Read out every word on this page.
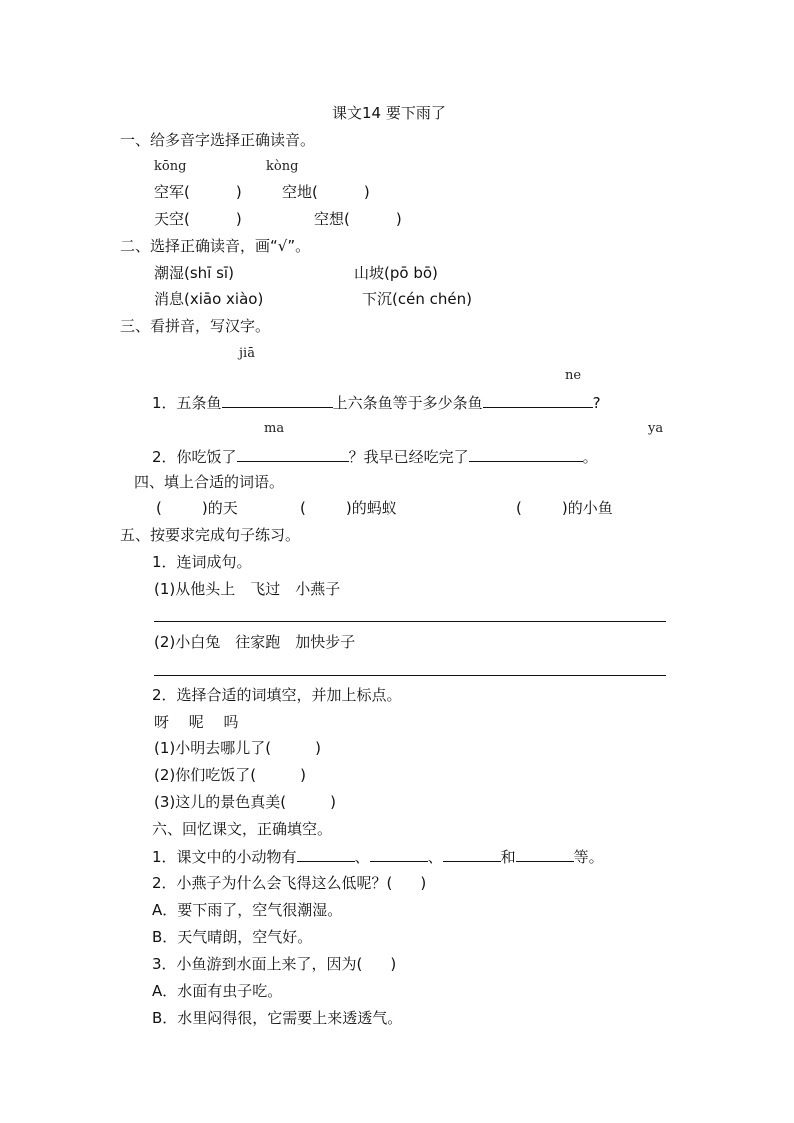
课文14 要下雨了
一、给多音字选择正确读音。
kōng	kòng
空军(	)	空地(	)
天空(	)	空想(	)
二、选择正确读音，画“√”。
潮湿(shī sī)	山坡(pō bō)
消息(xiāo xiào)	下沉(cén chén)
三、看拼音，写汉字。
jiā
ne
1．五条鱼	上六条鱼等于多少条鱼	?
ma	ya
2．你吃饭了	？我早已经吃完了	。
四、填上合适的词语。
(	)的天	(	)的蚂蚁	(	)的小鱼
五、按要求完成句子练习。
1．连词成句。
(1)从他头上　飞过　小燕子
(2)小白兔　往家跑　加快步子
2．选择合适的词填空，并加上标点。
呀　 呢　 吗
(1)小明去哪儿了(	)
(2)你们吃饭了(	)
(3)这儿的景色真美(	)
六、回忆课文，正确填空。
1．课文中的小动物有	、	、	和	等。
2．小燕子为什么会飞得这么低呢？( )
A．要下雨了，空气很潮湿。
B．天气晴朗，空气好。
3．小鱼游到水面上来了，因为( )
A．水面有虫子吃。
B．水里闷得很，它需要上来透透气。
